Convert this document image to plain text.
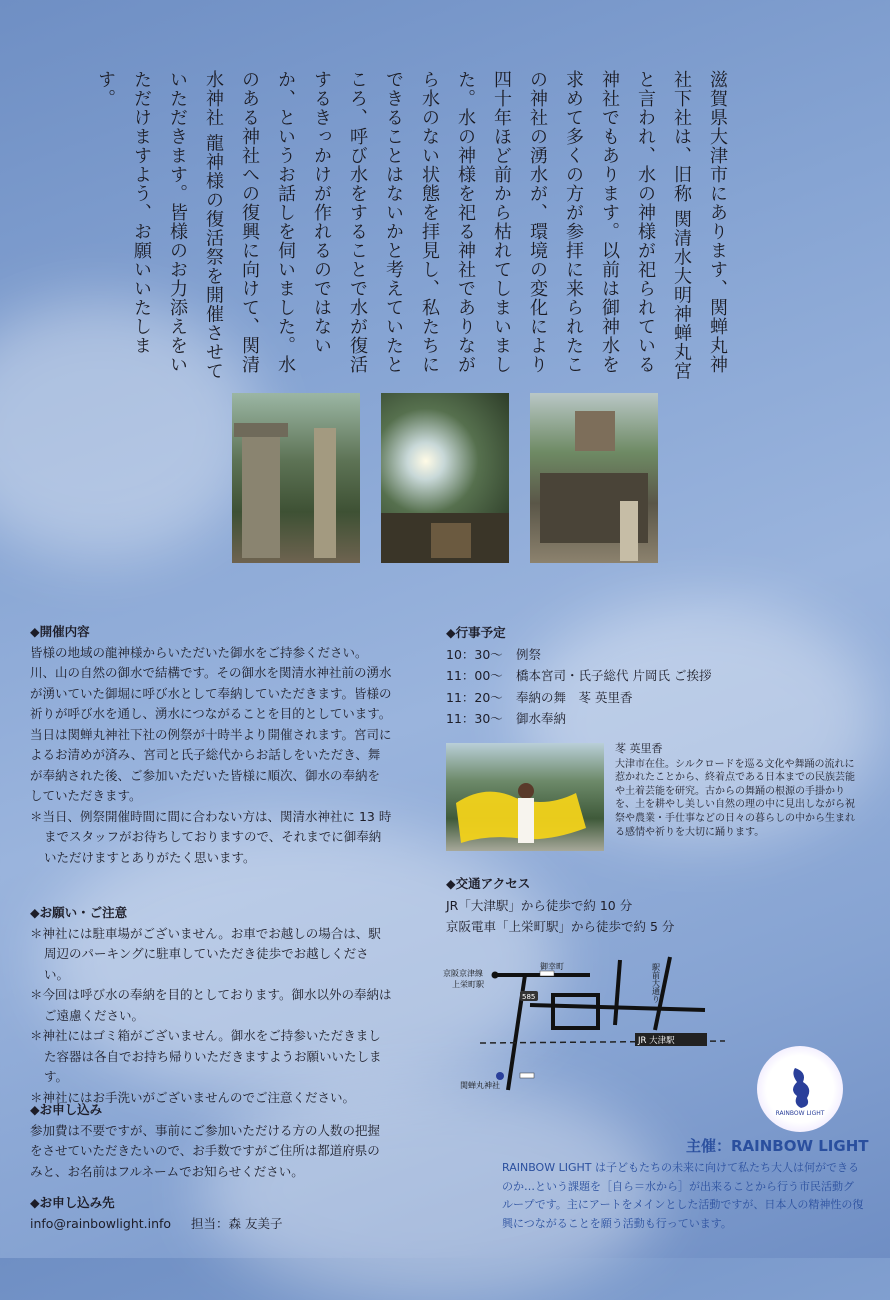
滋賀県大津市にあります、関蝉丸神社下社は、旧称 関清水大明神蝉丸宮と言われ、水の神様が祀られている神社でもあります。以前は御神水を求めて多くの方が参拝に来られたこの神社の湧水が、環境の変化により四十年ほど前から枯れてしまいました。水の神様を祀る神社でありながら水のない状態を拝見し、私たちにできることはないかと考えていたところ、呼び水をすることで水が復活するきっかけが作れるのではないか、というお話しを伺いました。水のある神社への復興に向けて、関清水神社 龍神様の復活祭を開催させていただきます。皆様のお力添えをいただけますよう、お願いいたします。
◆開催内容
皆様の地域の龍神様からいただいた御水をご持参ください。川、山の自然の御水で結構です。その御水を関清水神社前の湧水が湧いていた御堀に呼び水として奉納していただきます。皆様の祈りが呼び水を通し、湧水につながることを目的としています。
当日は関蝉丸神社下社の例祭が十時半より開催されます。宮司によるお清めが済み、宮司と氏子総代からお話しをいただき、舞が奉納された後、ご参加いただいた皆様に順次、御水の奉納をしていただきます。
＊当日、例祭開催時間に間に合わない方は、関清水神社に 13 時までスタッフがお待ちしておりますので、それまでに御奉納いただけますとありがたく思います。
◆お願い・ご注意
＊神社には駐車場がございません。お車でお越しの場合は、駅周辺のパーキングに駐車していただき徒歩でお越しください。
＊今回は呼び水の奉納を目的としております。御水以外の奉納はご遠慮ください。
＊神社にはゴミ箱がございません。御水をご持参いただきました容器は各自でお持ち帰りいただきますようお願いいたします。
＊神社にはお手洗いがございませんのでご注意ください。
◆お申し込み
参加費は不要ですが、事前にご参加いただける方の人数の把握をさせていただきたいので、お手数ですがご住所は都道府県のみと、お名前はフルネームでお知らせください。
◆お申し込み先
info@rainbowlight.info 担当：森 友美子
◆行事予定
10：30〜	例祭
11：00〜	橋本宮司・氏子総代 片岡氏 ご挨拶
11：20〜	奉納の舞　苳 英里香
11：30〜	御水奉納
苳 英里香
大津市在住。シルクロードを巡る文化や舞踊の流れに惹かれたことから、終着点である日本までの民族芸能や土着芸能を研究。古からの舞踊の根源の手掛かりを、土を耕やし美しい自然の理の中に見出しながら祝祭や農業・手仕事などの日々の暮らしの中から生まれる感情や祈りを大切に踊ります。
◆交通アクセス
JR「大津駅」から徒歩で約 10 分
京阪電車「上栄町駅」から徒歩で約 5 分
JR 大津駅
京阪京津線
上栄町駅
御幸町
585	駅前大通り
関蝉丸神社
RAINBOW LIGHT
主催：RAINBOW LIGHT
RAINBOW LIGHT は子どもたちの未来に向けて私たち大人は何ができるのか…という課題を［自ら＝水から］が出来ることから行う市民活動グループです。主にアートをメインとした活動ですが、日本人の精神性の復興につながることを願う活動も行っています。
